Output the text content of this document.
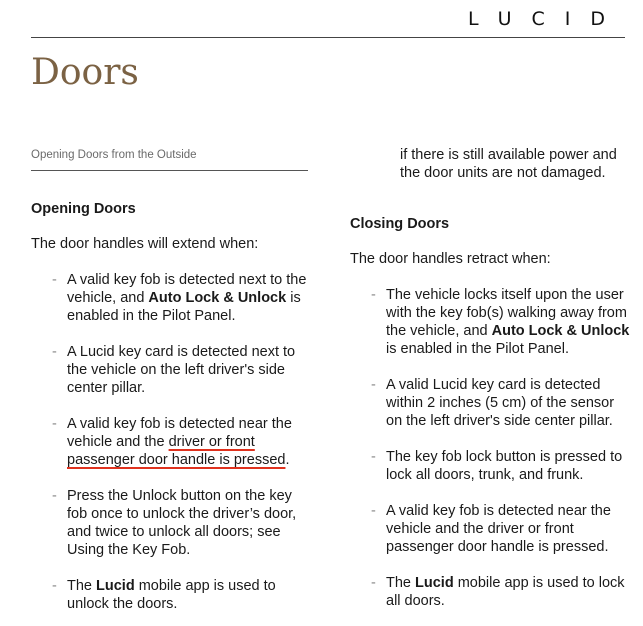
LUCID
Doors
Opening Doors from the Outside
Opening Doors

The door handles will extend when:

- A valid key fob is detected next to the vehicle, and Auto Lock & Unlock is enabled in the Pilot Panel.
- A Lucid key card is detected next to the vehicle on the left driver's side center pillar.
- A valid key fob is detected near the vehicle and the driver or front passenger door handle is pressed.
- Press the Unlock button on the key fob once to unlock the driver’s door, and twice to unlock all doors; see Using the Key Fob.
- The Lucid mobile app is used to unlock the doors.
if there is still available power and the door units are not damaged.
Closing Doors

The door handles retract when:

- The vehicle locks itself upon the user with the key fob(s) walking away from the vehicle, and Auto Lock & Unlock is enabled in the Pilot Panel.
- A valid Lucid key card is detected within 2 inches (5 cm) of the sensor on the left driver's side center pillar.
- The key fob lock button is pressed to lock all doors, trunk, and frunk.
- A valid key fob is detected near the vehicle and the driver or front passenger door handle is pressed.
- The Lucid mobile app is used to lock all doors.
